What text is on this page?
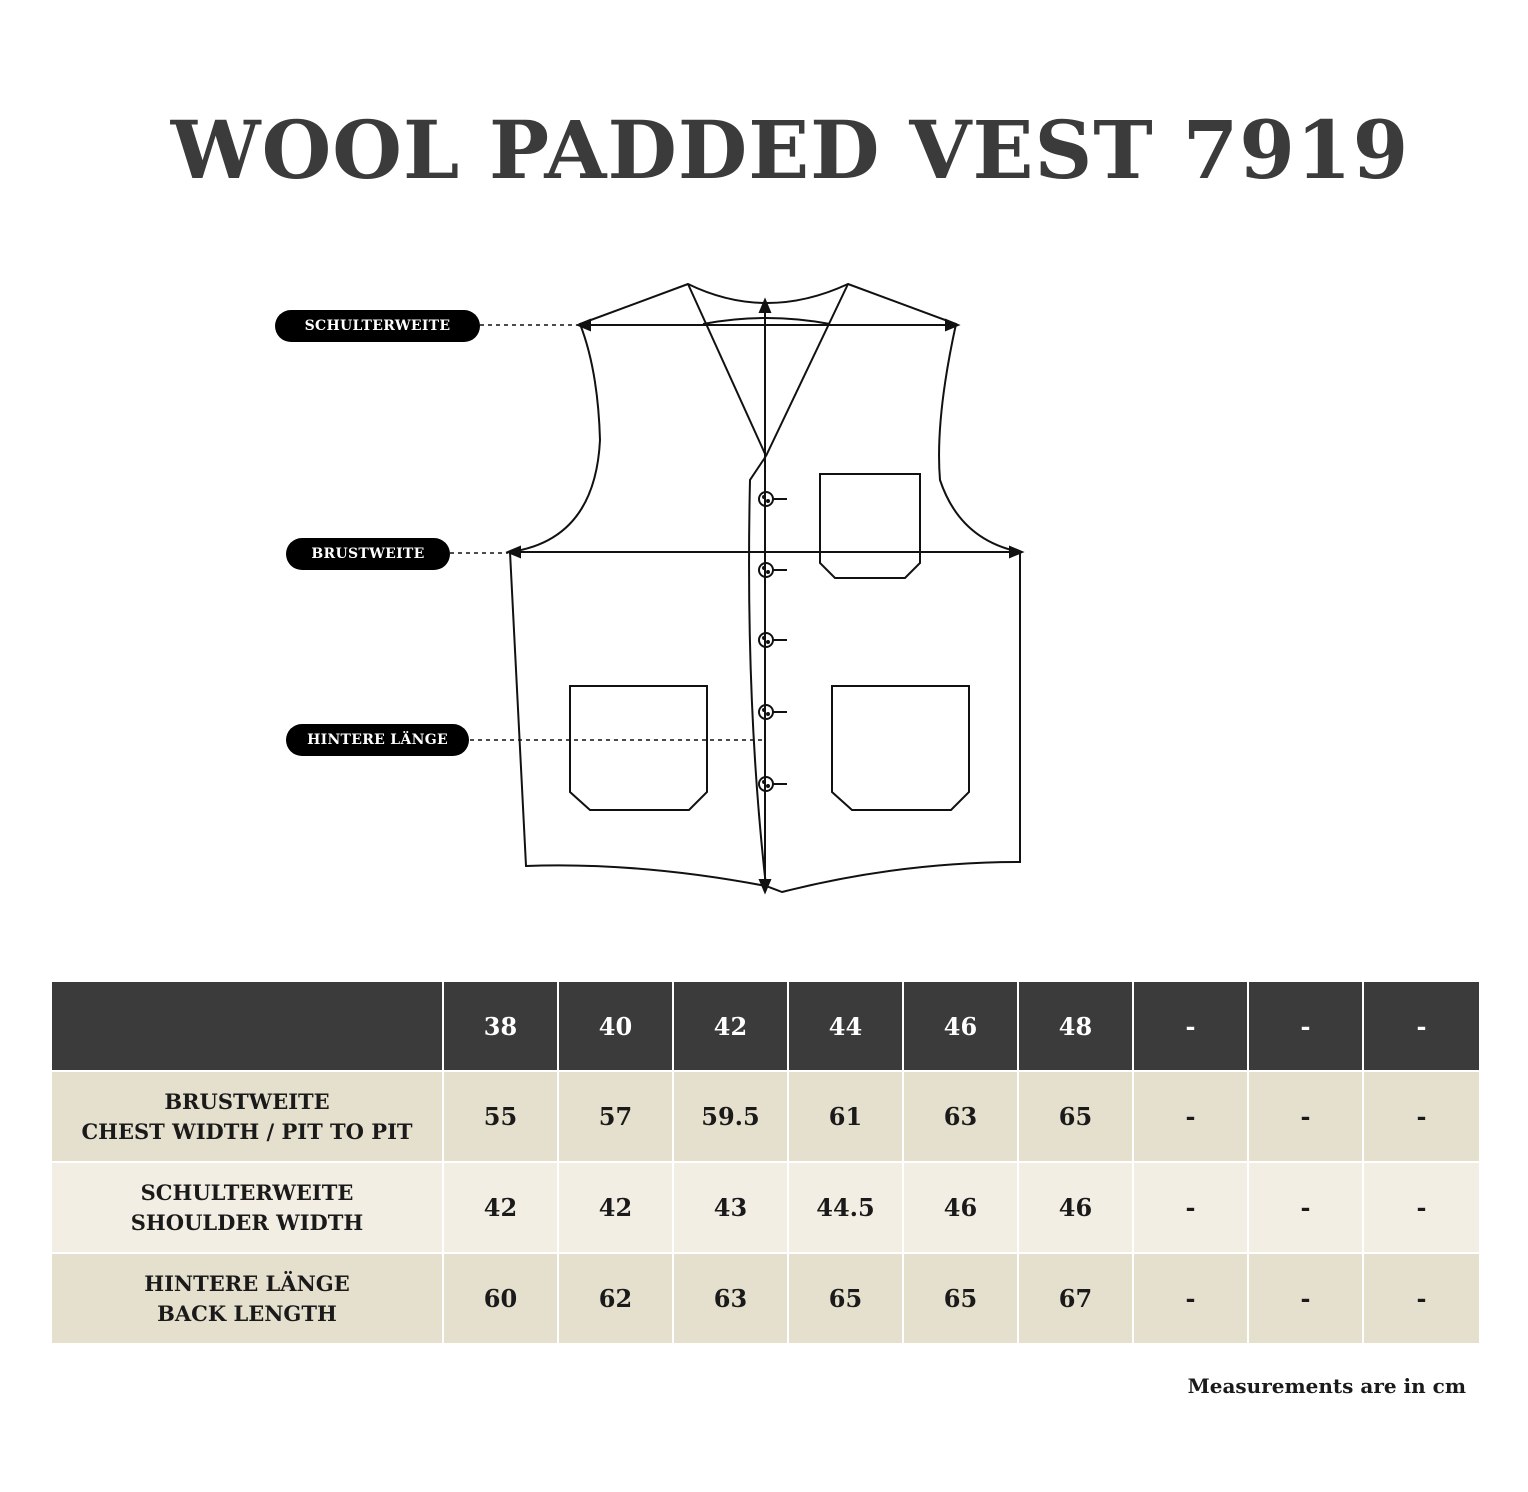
WOOL PADDED VEST 7919
SCHULTERWEITE
BRUSTWEITE
HINTERE LÄNGE
	38	40	42	44	46	48	-	-	-

BRUSTWEITE
CHEST WIDTH / PIT TO PIT	55	57	59.5	61	63	65	-	-	-

SCHULTERWEITE
SHOULDER WIDTH	42	42	43	44.5	46	46	-	-	-

HINTERE LÄNGE
BACK LENGTH	60	62	63	65	65	67	-	-	-
Measurements are in cm
